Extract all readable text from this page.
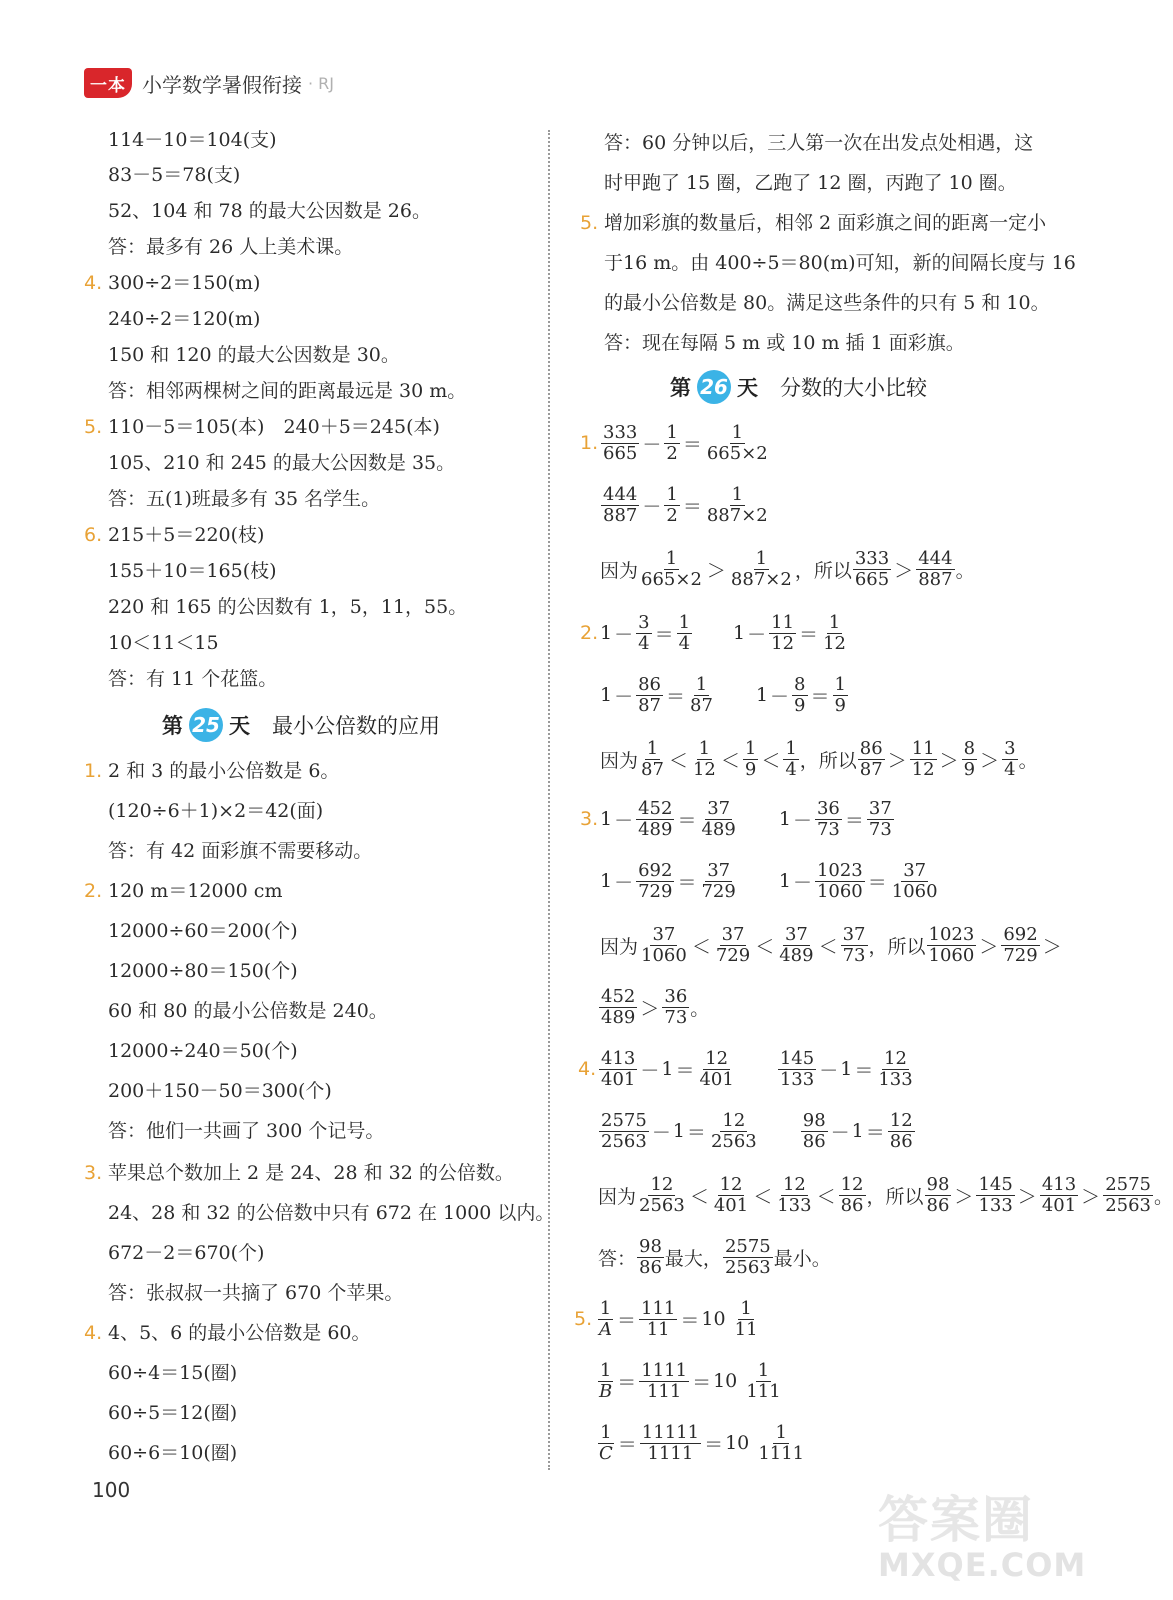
一本 小学数学暑假衔接 · RJ
114－10＝104(支)
83－5＝78(支)
52、104 和 78 的最大公因数是 26。
答：最多有 26 人上美术课。
4. 300÷2＝150(m)
240÷2＝120(m)
150 和 120 的最大公因数是 30。
答：相邻两棵树之间的距离最远是 30 m。
5. 110－5＝105(本)　240＋5＝245(本)
105、210 和 245 的最大公因数是 35。
答：五(1)班最多有 35 名学生。
6. 215＋5＝220(枝)
155＋10＝165(枝)
220 和 165 的公因数有 1，5，11，55。
10＜11＜15
答：有 11 个花篮。
第 25 天 最小公倍数的应用
1. 2 和 3 的最小公倍数是 6。
(120÷6＋1)×2＝42(面)
答：有 42 面彩旗不需要移动。
2. 120 m＝12000 cm
12000÷60＝200(个)
12000÷80＝150(个)
60 和 80 的最小公倍数是 240。
12000÷240＝50(个)
200＋150－50＝300(个)
答：他们一共画了 300 个记号。
3. 苹果总个数加上 2 是 24、28 和 32 的公倍数。
24、28 和 32 的公倍数中只有 672 在 1000 以内。
672－2＝670(个)
答：张叔叔一共摘了 670 个苹果。
4. 4、5、6 的最小公倍数是 60。
60÷4＝15(圈)
60÷5＝12(圈)
60÷6＝10(圈)
答：60 分钟以后，三人第一次在出发点处相遇，这
时甲跑了 15 圈，乙跑了 12 圈，丙跑了 10 圈。
5. 增加彩旗的数量后，相邻 2 面彩旗之间的距离一定小
于16 m。由 400÷5＝80(m)可知，新的间隔长度与 16
的最小公倍数是 80。满足这些条件的只有 5 和 10。
答：现在每隔 5 m 或 10 m 插 1 面彩旗。
第 26 天 分数的大小比较
1. 333
665 －
1
2 ＝
1
665×2
444
887 －
1
2 ＝
1
887×2
因为
1
665×2 ＞
1
887×2 ，所以
333
665 ＞
444
887 。
2. 1 －
3
4 ＝
1
4 1 －
11
12 ＝
1
12
1 －
86
87 ＝
1
87 1 －
8
9 ＝
1
9
因为
1
87 ＜
1
12 ＜
1
9 ＜
1
4 ，所以
86
87 ＞
11
12 ＞
8
9 ＞
3
4 。
3. 1 －
452
489 ＝
37
489 1 －
36
73 ＝
37
73
1 －
692
729 ＝
37
729 1 －
1023
1060 ＝
37
1060
因为
37
1060 ＜
37
729 ＜
37
489 ＜
37
73 ，所以
1023
1060 ＞
692
729 ＞
452
489 ＞
36
73 。
4. 413
401 － 1 ＝
12
401
145
133 － 1 ＝
12
133
2575
2563 － 1 ＝
12
2563
98
86 － 1 ＝
12
86
因为
12
2563 ＜
12
401 ＜
12
133 ＜
12
86 ，所以
98
86 ＞
145
133 ＞
413
401 ＞
2575
2563 。
答：
98
86 最大，
2575
2563 最小。
5. 1
A ＝
111
11 ＝ 10
1
11
1
B ＝
1111
111 ＝ 10
1
111
1
C ＝
11111
1111 ＝ 10
1
1111
100
答案圈
MXQE.COM
